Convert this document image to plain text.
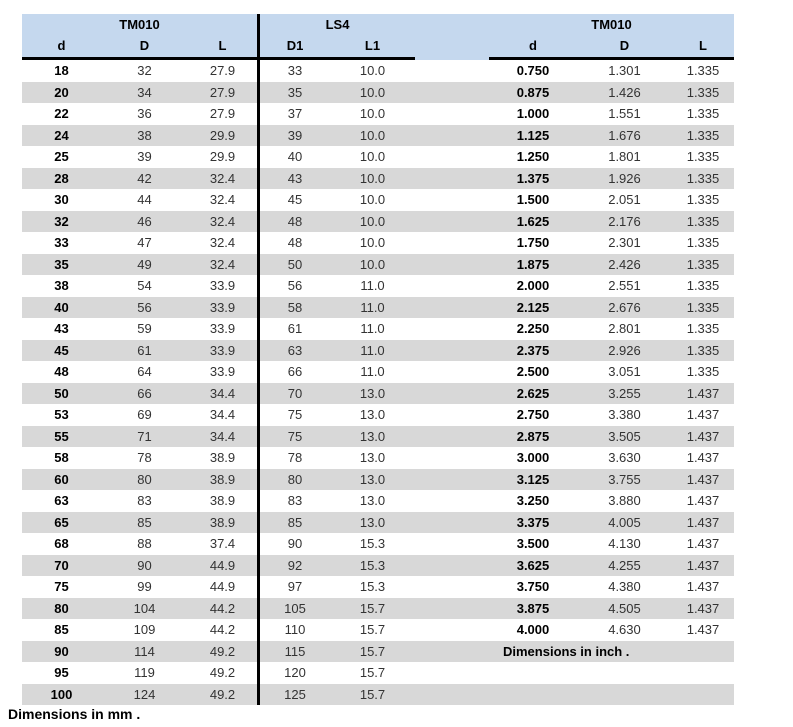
TM010	LS4	TM010
d	D	L	D1	L1	d	D	L
18	32	27.9	33	10.0	0.750	1.301	1.335
20	34	27.9	35	10.0	0.875	1.426	1.335
22	36	27.9	37	10.0	1.000	1.551	1.335
24	38	29.9	39	10.0	1.125	1.676	1.335
25	39	29.9	40	10.0	1.250	1.801	1.335
28	42	32.4	43	10.0	1.375	1.926	1.335
30	44	32.4	45	10.0	1.500	2.051	1.335
32	46	32.4	48	10.0	1.625	2.176	1.335
33	47	32.4	48	10.0	1.750	2.301	1.335
35	49	32.4	50	10.0	1.875	2.426	1.335
38	54	33.9	56	11.0	2.000	2.551	1.335
40	56	33.9	58	11.0	2.125	2.676	1.335
43	59	33.9	61	11.0	2.250	2.801	1.335
45	61	33.9	63	11.0	2.375	2.926	1.335
48	64	33.9	66	11.0	2.500	3.051	1.335
50	66	34.4	70	13.0	2.625	3.255	1.437
53	69	34.4	75	13.0	2.750	3.380	1.437
55	71	34.4	75	13.0	2.875	3.505	1.437
58	78	38.9	78	13.0	3.000	3.630	1.437
60	80	38.9	80	13.0	3.125	3.755	1.437
63	83	38.9	83	13.0	3.250	3.880	1.437
65	85	38.9	85	13.0	3.375	4.005	1.437
68	88	37.4	90	15.3	3.500	4.130	1.437
70	90	44.9	92	15.3	3.625	4.255	1.437
75	99	44.9	97	15.3	3.750	4.380	1.437
80	104	44.2	105	15.7	3.875	4.505	1.437
85	109	44.2	110	15.7	4.000	4.630	1.437
90	114	49.2	115	15.7	Dimensions in inch .
95	119	49.2	120	15.7
100	124	49.2	125	15.7
Dimensions in mm .
